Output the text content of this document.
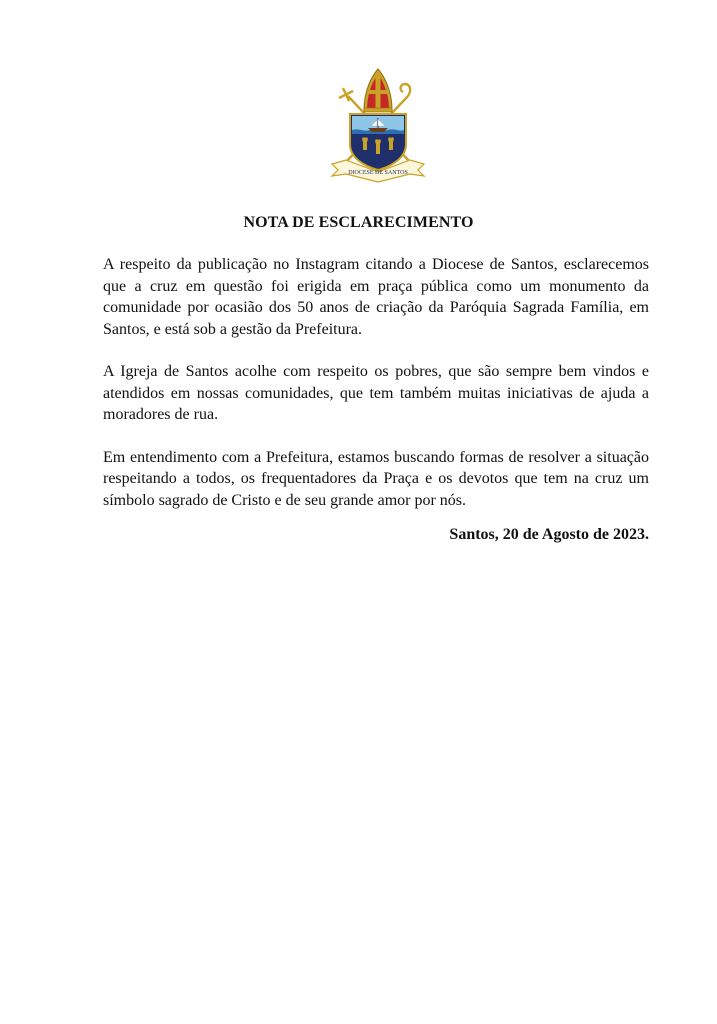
DIOCESE DE SANTOS
NOTA DE ESCLARECIMENTO

A respeito da publicação no Instagram citando a Diocese de Santos, esclarecemos que a cruz em questão foi erigida em praça pública como um monumento da comunidade por ocasião dos 50 anos de criação da Paróquia Sagrada Família, em Santos, e está sob a gestão da Prefeitura.

A Igreja de Santos acolhe com respeito os pobres, que são sempre bem vindos e atendidos em nossas comunidades, que tem também muitas iniciativas de ajuda a moradores de rua.

Em entendimento com a Prefeitura, estamos buscando formas de resolver a situação respeitando a todos, os frequentadores da Praça e os devotos que tem na cruz um símbolo sagrado de Cristo e de seu grande amor por nós.

Santos, 20 de Agosto de 2023.
